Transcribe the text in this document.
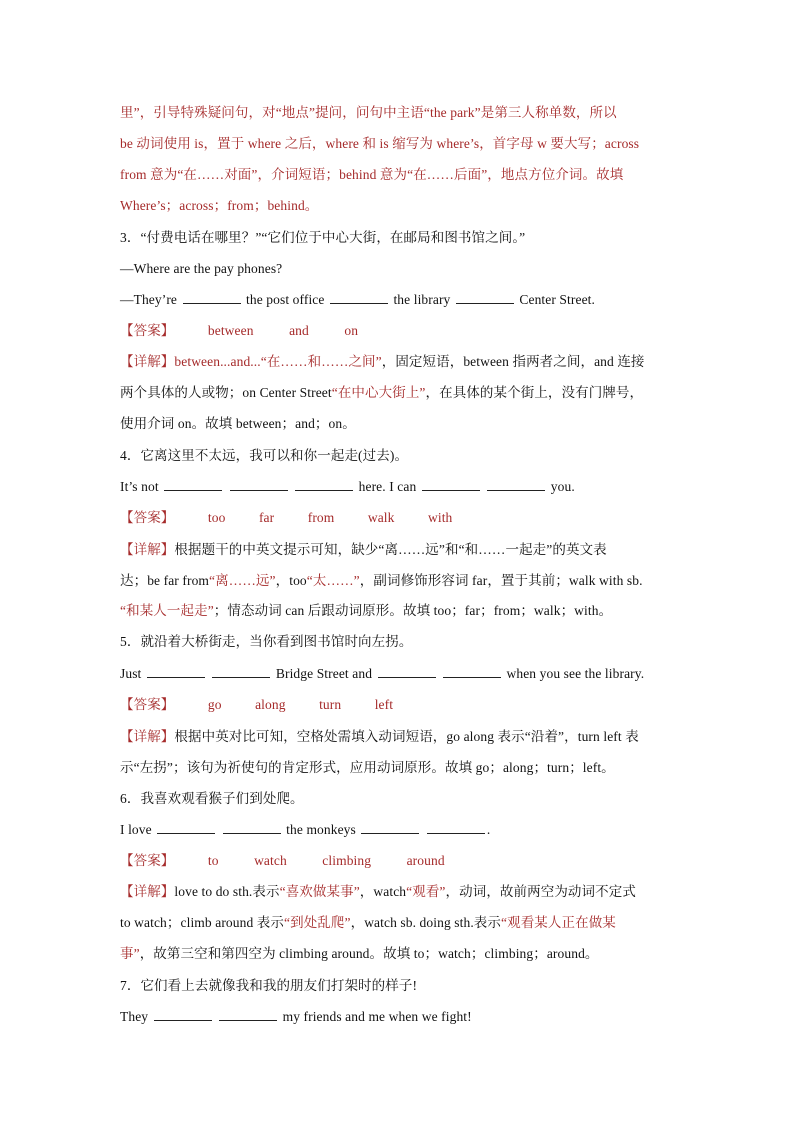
里”，引导特殊疑问句，对“地点”提问，问句中主语“the park”是第三人称单数，所以
be 动词使用 is，置于 where 之后，where 和 is 缩写为 where’s，首字母 w 要大写；across
from 意为“在……对面”，介词短语；behind 意为“在……后面”，地点方位介词。故填
Where’s；across；from；behind。
3．“付费电话在哪里？”“它们位于中心大街，在邮局和图书馆之间。”
—Where are the pay phones?
—They’re	the post office	the library	Center Street.
【答案】 between	and	on
【详解】between...and...“在……和……之间”，固定短语，between 指两者之间，and 连接
两个具体的人或物；on Center Street“在中心大街上”，在具体的某个街上，没有门牌号，
使用介词 on。故填 between；and；on。
4．它离这里不太远，我可以和你一起走(过去)。
It’s not	here. I can	you.
【答案】 too far from walk with
【详解】根据题干的中英文提示可知，缺少“离……远”和“和……一起走”的英文表
达；be far from“离……远”，too“太……”，副词修饰形容词 far，置于其前；walk with sb.
“和某人一起走”；情态动词 can 后跟动词原形。故填 too；far；from；walk；with。
5．就沿着大桥街走，当你看到图书馆时向左拐。
Just	Bridge Street and	when you see the library.
【答案】 go along turn left
【详解】根据中英对比可知，空格处需填入动词短语，go along 表示“沿着”，turn left 表
示“左拐”；该句为祈使句的肯定形式，应用动词原形。故填 go；along；turn；left。
6．我喜欢观看猴子们到处爬。
I love	the monkeys	.
【答案】 to	watch	climbing	around
【详解】love to do sth.表示“喜欢做某事”，watch“观看”，动词，故前两空为动词不定式
to watch；climb around 表示“到处乱爬”，watch sb. doing sth.表示“观看某人正在做某
事”，故第三空和第四空为 climbing around。故填 to；watch；climbing；around。
7．它们看上去就像我和我的朋友们打架时的样子!
They	my friends and me when we fight!
